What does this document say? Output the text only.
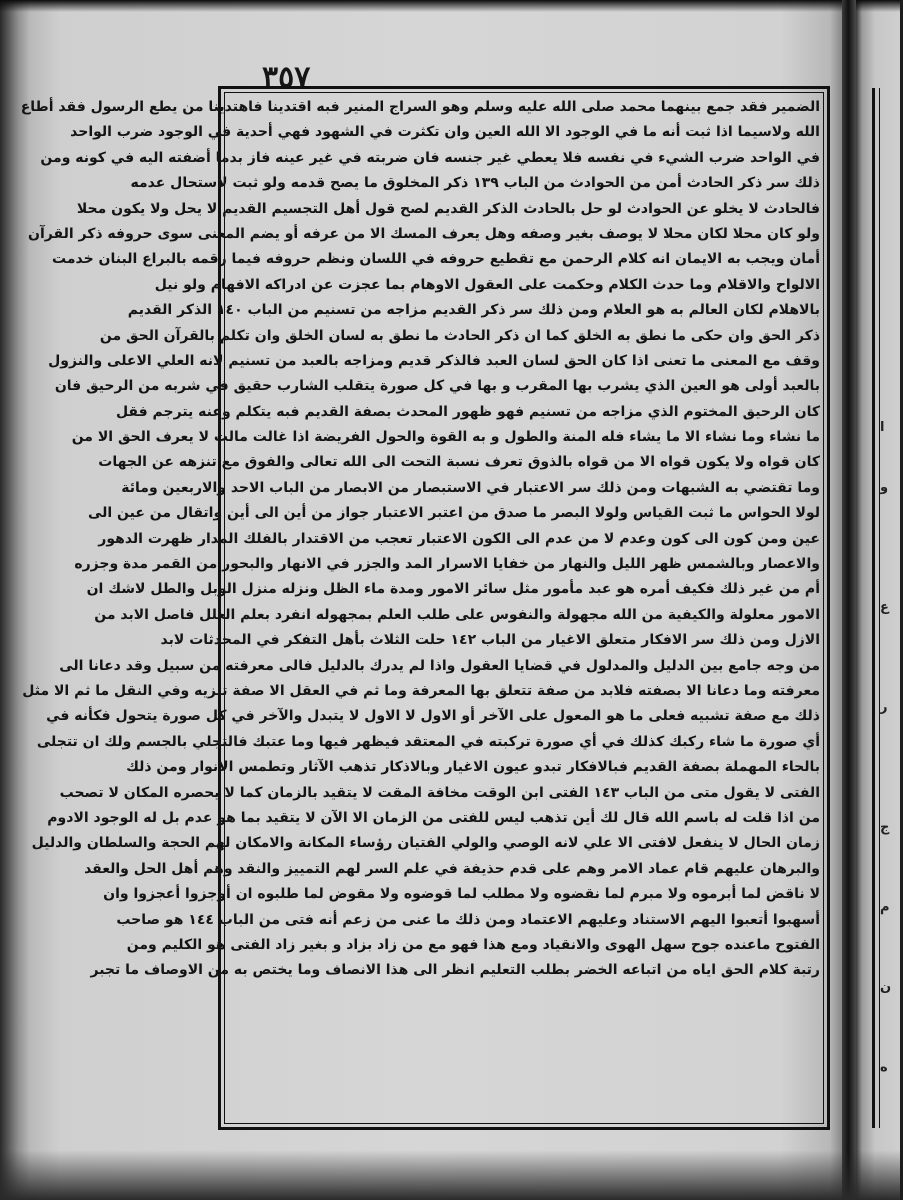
٣٥٧
الضمير فقد جمع بينهما محمد صلى الله عليه وسلم وهو السراج المنير فبه اقتدينا فاهتدينا من يطع الرسول فقد أطاع
الله ولاسيما اذا ثبت أنه ما في الوجود الا الله العين وان تكثرت في الشهود فهي أحدية في الوجود ضرب الواحد
في الواحد ضرب الشيء في نفسه فلا يعطي غير جنسه فان ضربته في غير عينه فاز بدما أضفته اليه في كونه ومن
ذلك سر ذكر الحادث أمن من الحوادث من الباب ١٣٩ ذكر المخلوق ما يصح قدمه ولو ثبت لاستحال عدمه
فالحادث لا يخلو عن الحوادث لو حل بالحادث الذكر القديم لصح قول أهل التجسيم القديم لا يحل ولا يكون محلا
ولو كان محلا لكان محلا لا يوصف بغير وصفه وهل يعرف المسك الا من عرفه أو يضم المعنى سوى حروفه ذكر القرآن
أمان ويجب به الايمان انه كلام الرحمن مع تقطيع حروفه في اللسان ونظم حروفه فيما رقمه بالبراع البنان خدمت
الالواح والاقلام وما حدث الكلام وحكمت على العقول الاوهام بما عجزت عن ادراكه الافهام ولو نيل
بالاهلام لكان العالم به هو العلام ومن ذلك سر ذكر القديم مزاجه من تسنيم من الباب ١٤٠ الذكر القديم
ذكر الحق وان حكى ما نطق به الخلق كما ان ذكر الحادث ما نطق به لسان الخلق وان تكلم بالقرآن الحق من
وقف مع المعنى ما تعنى اذا كان الحق لسان العبد فالذكر قديم ومزاجه بالعبد من تسنيم لانه العلي الاعلى والنزول
بالعبد أولى هو العين الذي يشرب بها المقرب و بها في كل صورة يتقلب الشارب حقيق في شربه من الرحيق فان
كان الرحيق المختوم الذي مزاجه من تسنيم فهو ظهور المحدث بصفة القديم فبه يتكلم وعنه يترجم فقل
ما نشاء وما نشاء الا ما يشاء فله المنة والطول و به القوة والحول الفريضة اذا غالت مالت لا يعرف الحق الا من
كان قواه ولا يكون قواه الا من قواه بالذوق تعرف نسبة التحت الى الله تعالى والفوق مع تنزهه عن الجهات
وما تقتضي به الشبهات ومن ذلك سر الاعتبار في الاستبصار من الابصار من الباب الاحد والاربعين ومائة
لولا الحواس ما ثبت القياس ولولا البصر ما صدق من اعتبر الاعتبار جواز من أين الى أين واتقال من عين الى
عين ومن كون الى كون وعدم لا من عدم الى الكون الاعتبار تعجب من الاقتدار بالفلك المدار ظهرت الدهور
والاعصار وبالشمس ظهر الليل والنهار من خفايا الاسرار المد والجزر في الانهار والبحور من القمر مدة وجزره
أم من غير ذلك فكيف أمره هو عبد مأمور مثل سائر الامور ومدة ماء الظل ونزله منزل الوبل والطل لاشك ان
الامور معلولة والكيفية من الله مجهولة والنفوس على طلب العلم بمجهوله انفرد بعلم العلل فاصل الابد من
الازل ومن ذلك سر الافكار متعلق الاغيار من الباب ١٤٢ حلت الثلاث بأهل التفكر في المحدثات لابد
من وجه جامع بين الدليل والمدلول في قضايا العقول واذا لم يدرك بالدليل فالى معرفته من سبيل وقد دعانا الى
معرفته وما دعانا الا بصفته فلابد من صفة تتعلق بها المعرفة وما ثم في العقل الا صفة تنزيه وفي النقل ما ثم الا مثل
ذلك مع صفة تشبيه فعلى ما هو المعول على الآخر أو الاول لا الاول لا يتبدل والآخر في كل صورة يتحول فكأنه في
أي صورة ما شاء ركبك كذلك في أي صورة تركبته في المعتقد فيظهر فيها وما عتبك فالتجلي بالجسم ولك ان تتجلى
بالحاء المهملة بصفة القديم فبالافكار تبدو عيون الاغيار وبالاذكار تذهب الآثار وتطمس الانوار ومن ذلك
الفتى لا يقول متى من الباب ١٤٣ الفتى ابن الوقت مخافة المقت لا يتقيد بالزمان كما لا يحصره المكان لا تصحب
من اذا قلت له باسم الله قال لك أين تذهب ليس للفتى من الزمان الا الآن لا يتقيد بما هو عدم بل له الوجود الادوم
زمان الحال لا ينفعل لافتى الا علي لانه الوصي والولي الفتيان رؤساء المكانة والامكان لهم الحجة والسلطان والدليل
والبرهان عليهم قام عماد الامر وهم على قدم حذيفة في علم السر لهم التمييز والنقد وهم أهل الحل والعقد
لا ناقض لما أبرموه ولا مبرم لما نقضوه ولا مطلب لما قوضوه ولا مقوض لما طلبوه ان أوجزوا أعجزوا وان
أسهبوا أتعبوا اليهم الاستناد وعليهم الاعتماد ومن ذلك ما عنى من زعم أنه فتى من الباب ١٤٤ هو صاحب
الفتوح ماعنده جوح سهل الهوى والانقياد ومع هذا فهو مع من زاد بزاد و بغير زاد الفتى هو الكليم ومن
رتبة كلام الحق اياه من اتباعه الخضر بطلب التعليم انظر الى هذا الانصاف وما يختص به من الاوصاف ما تجبر
ا
و
ع
ر
ج
م
ن
ه
